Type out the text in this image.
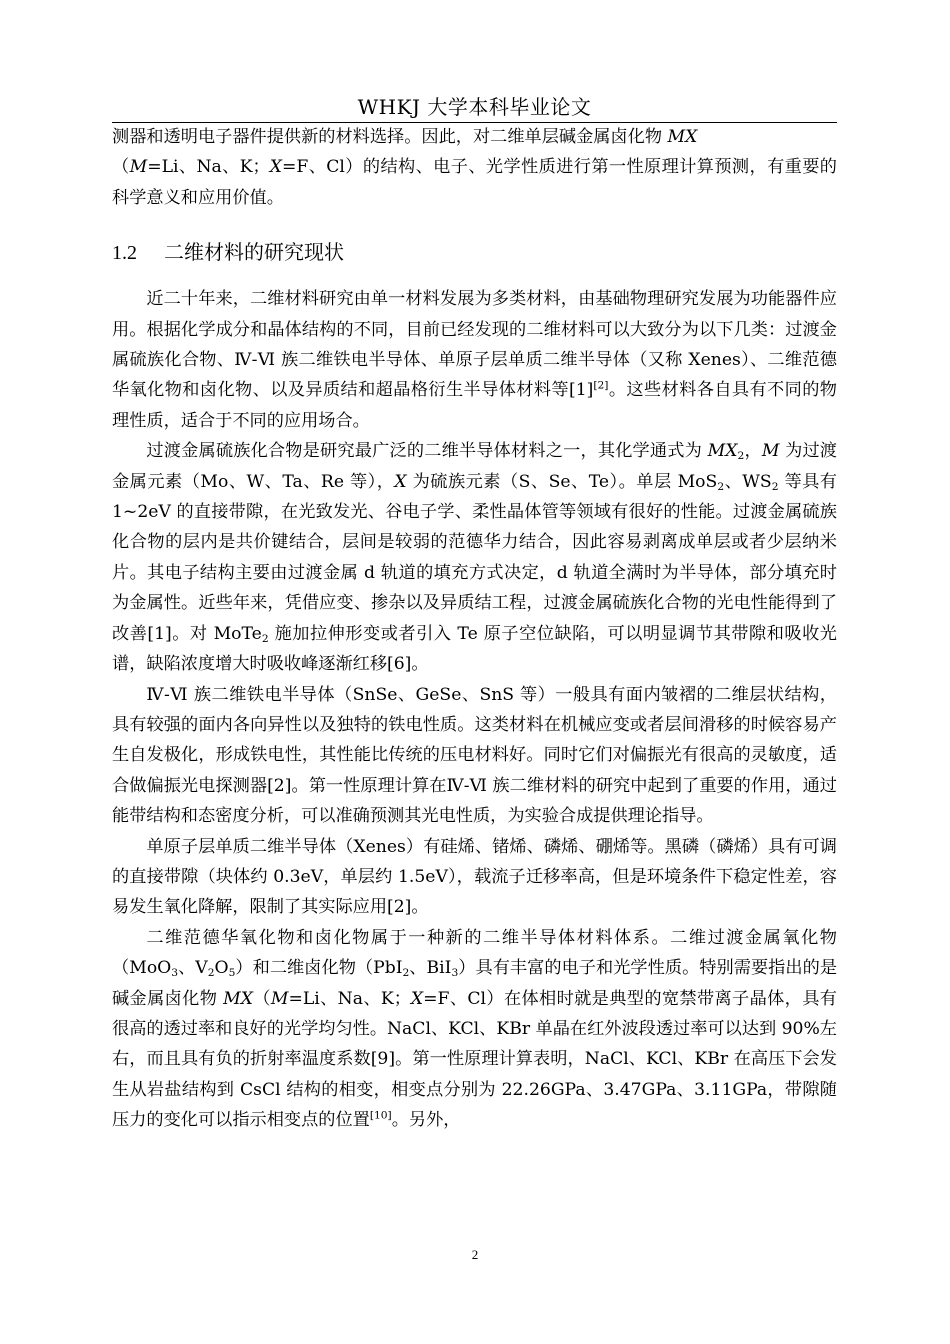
WHKJ 大学本科毕业论文

测器和透明电子器件提供新的材料选择。因此，对二维单层碱金属卤化物 MX
（M=Li、Na、K；X=F、Cl）的结构、电子、光学性质进行第一性原理计算预测，有重要的科学意义和应用价值。

1.2 二维材料的研究现状

近二十年来，二维材料研究由单一材料发展为多类材料，由基础物理研究发展为功能器件应用。根据化学成分和晶体结构的不同，目前已经发现的二维材料可以大致分为以下几类：过渡金属硫族化合物、Ⅳ-Ⅵ 族二维铁电半导体、单原子层单质二维半导体（又称 Xenes）、二维范德华氧化物和卤化物、以及异质结和超晶格衍生半导体材料等[1][2]。这些材料各自具有不同的物理性质，适合于不同的应用场合。

过渡金属硫族化合物是研究最广泛的二维半导体材料之一，其化学通式为 $MX_2$，M 为过渡金属元素（Mo、W、Ta、Re 等），X 为硫族元素（S、Se、Te）。单层 MoS$_2$、$WS_2$ 等具有 1~2eV 的直接带隙，在光致发光、谷电子学、柔性晶体管等领域有很好的性能。过渡金属硫族化合物的层内是共价键结合，层间是较弱的范德华力结合，因此容易剥离成单层或者少层纳米片。其电子结构主要由过渡金属 d 轨道的填充方式决定，d 轨道全满时为半导体，部分填充时为金属性。近些年来，凭借应变、掺杂以及异质结工程，过渡金属硫族化合物的光电性能得到了改善[1]。对 MoTe$_2$ 施加拉伸形变或者引入 Te 原子空位缺陷，可以明显调节其带隙和吸收光谱，缺陷浓度增大时吸收峰逐渐红移[6]。

Ⅳ-Ⅵ 族二维铁电半导体（SnSe、GeSe、SnS 等）一般具有面内皱褶的二维层状结构，具有较强的面内各向异性以及独特的铁电性质。这类材料在机械应变或者层间滑移的时候容易产生自发极化，形成铁电性，其性能比传统的压电材料好。同时它们对偏振光有很高的灵敏度，适合做偏振光电探测器[2]。第一性原理计算在Ⅳ-Ⅵ 族二维材料的研究中起到了重要的作用，通过能带结构和态密度分析，可以准确预测其光电性质，为实验合成提供理论指导。

单原子层单质二维半导体（Xenes）有硅烯、锗烯、磷烯、硼烯等。黑磷（磷烯）具有可调的直接带隙（块体约 0.3eV，单层约 1.5eV），载流子迁移率高，但是环境条件下稳定性差，容易发生氧化降解，限制了其实际应用[2]。

二维范德华氧化物和卤化物属于一种新的二维半导体材料体系。二维过渡金属氧化物（MoO$_3$、$V_2O_5$）和二维卤化物（PbI$_2$、BiI$_3$）具有丰富的电子和光学性质。特别需要指出的是碱金属卤化物 MX（M=Li、Na、K；X=F、Cl）在体相时就是典型的宽禁带离子晶体，具有很高的透过率和良好的光学均匀性。NaCl、KCl、KBr 单晶在红外波段透过率可以达到 90%左右，而且具有负的折射率温度系数[9]。第一性原理计算表明，NaCl、KCl、KBr 在高压下会发生从岩盐结构到 CsCl 结构的相变，相变点分别为 22.26GPa、3.47GPa、3.11GPa，带隙随压力的变化可以指示相变点的位置[10]。另外，

2
